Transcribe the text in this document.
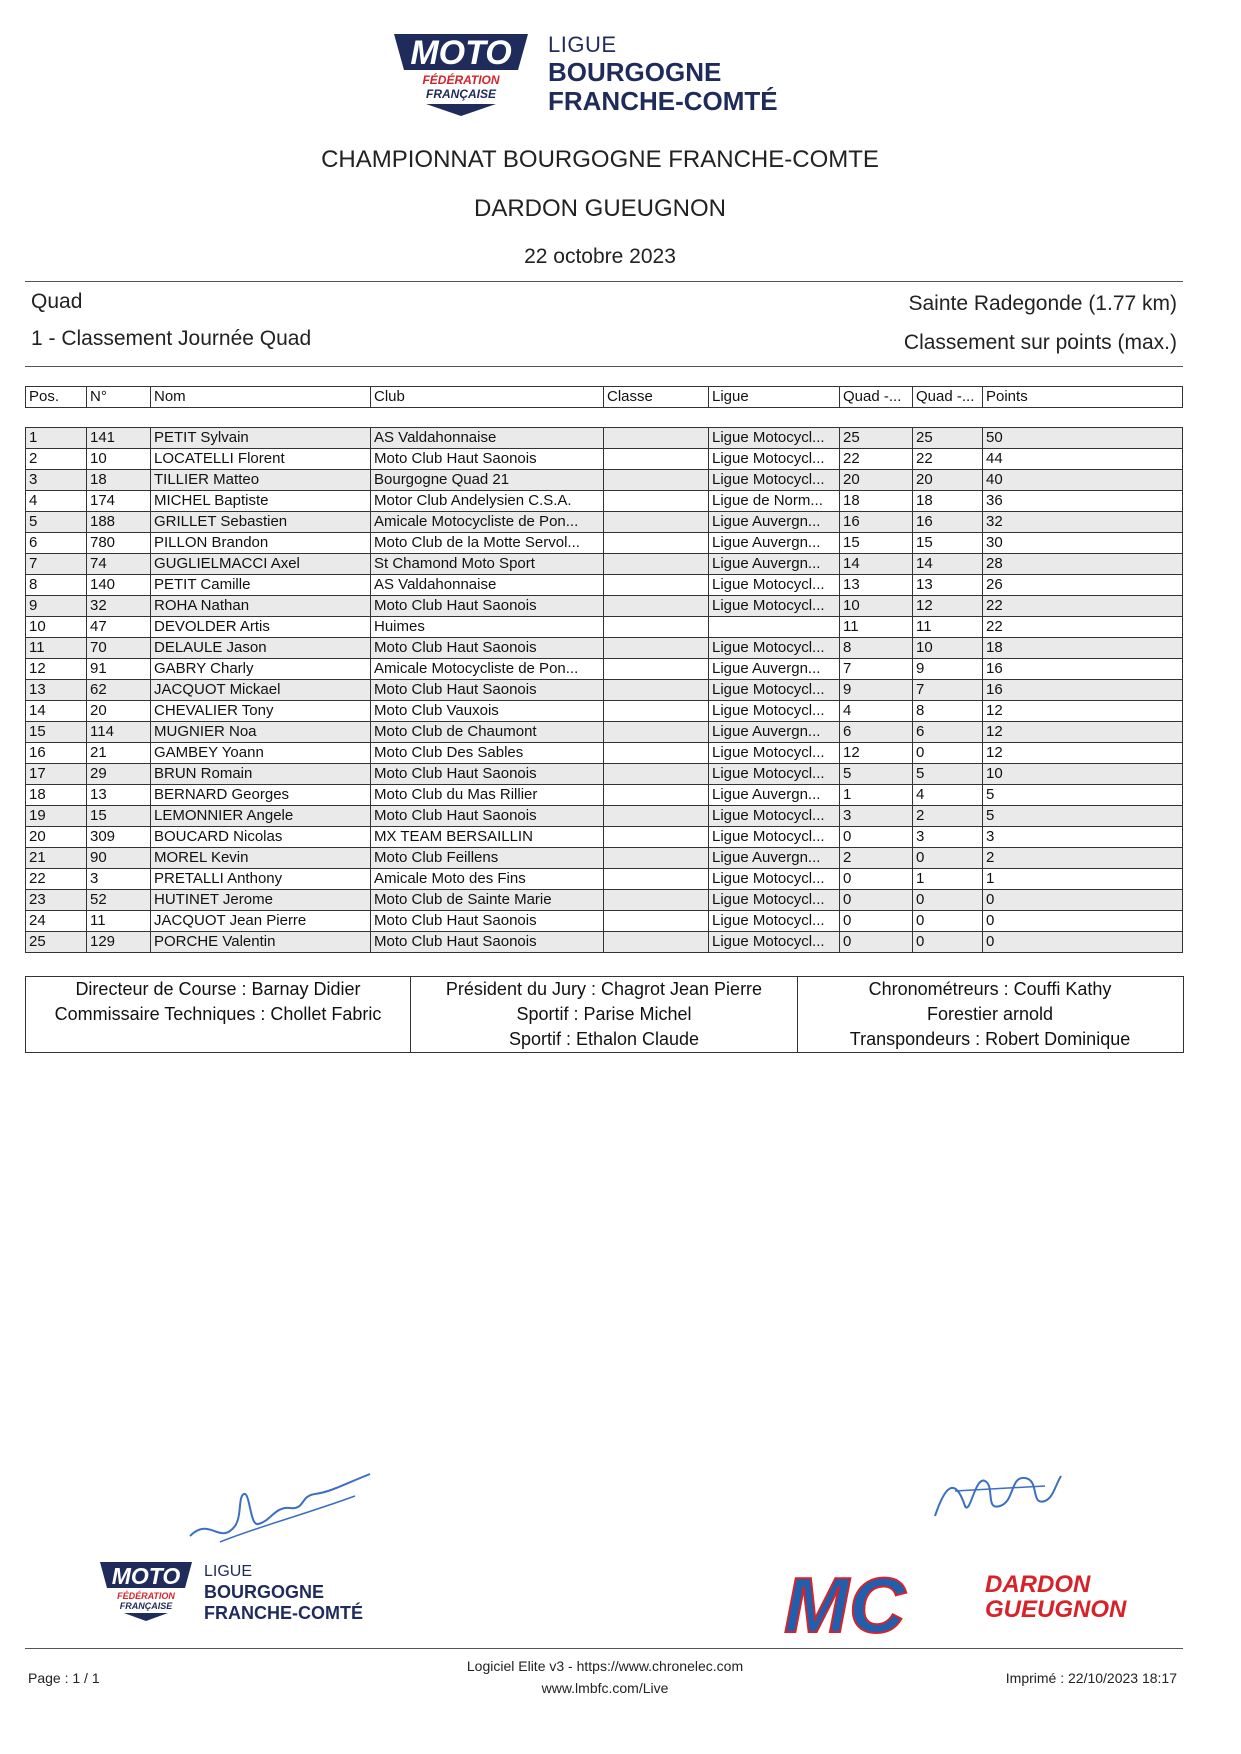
MOTO
FÉDÉRATION
FRANÇAISE
LIGUE
BOURGOGNE
FRANCHE-COMTÉ
CHAMPIONNAT BOURGOGNE FRANCHE-COMTE
DARDON GUEUGNON
22 octobre 2023
Quad
1 - Classement Journée Quad
Sainte Radegonde (1.77 km)
Classement sur points (max.)
Pos.	N°	Nom	Club	Classe	Ligue	Quad -...	Quad -...	Points
1	141	PETIT Sylvain	AS Valdahonnaise		Ligue Motocycl...	25	25	50
2	10	LOCATELLI Florent	Moto Club Haut Saonois		Ligue Motocycl...	22	22	44
3	18	TILLIER Matteo	Bourgogne Quad 21		Ligue Motocycl...	20	20	40
4	174	MICHEL Baptiste	Motor Club Andelysien C.S.A.		Ligue de Norm...	18	18	36
5	188	GRILLET Sebastien	Amicale Motocycliste de Pon...		Ligue Auvergn...	16	16	32
6	780	PILLON Brandon	Moto Club de la Motte Servol...		Ligue Auvergn...	15	15	30
7	74	GUGLIELMACCI Axel	St Chamond Moto Sport		Ligue Auvergn...	14	14	28
8	140	PETIT Camille	AS Valdahonnaise		Ligue Motocycl...	13	13	26
9	32	ROHA Nathan	Moto Club Haut Saonois		Ligue Motocycl...	10	12	22
10	47	DEVOLDER Artis	Huimes			11	11	22
11	70	DELAULE Jason	Moto Club Haut Saonois		Ligue Motocycl...	8	10	18
12	91	GABRY Charly	Amicale Motocycliste de Pon...		Ligue Auvergn...	7	9	16
13	62	JACQUOT Mickael	Moto Club Haut Saonois		Ligue Motocycl...	9	7	16
14	20	CHEVALIER Tony	Moto Club Vauxois		Ligue Motocycl...	4	8	12
15	114	MUGNIER Noa	Moto Club de Chaumont		Ligue Auvergn...	6	6	12
16	21	GAMBEY Yoann	Moto Club Des Sables		Ligue Motocycl...	12	0	12
17	29	BRUN Romain	Moto Club Haut Saonois		Ligue Motocycl...	5	5	10
18	13	BERNARD Georges	Moto Club du Mas Rillier		Ligue Auvergn...	1	4	5
19	15	LEMONNIER Angele	Moto Club Haut Saonois		Ligue Motocycl...	3	2	5
20	309	BOUCARD Nicolas	MX TEAM BERSAILLIN		Ligue Motocycl...	0	3	3
21	90	MOREL Kevin	Moto Club Feillens		Ligue Auvergn...	2	0	2
22	3	PRETALLI Anthony	Amicale Moto des Fins		Ligue Motocycl...	0	1	1
23	52	HUTINET Jerome	Moto Club de Sainte Marie		Ligue Motocycl...	0	0	0
24	11	JACQUOT Jean Pierre	Moto Club Haut Saonois		Ligue Motocycl...	0	0	0
25	129	PORCHE Valentin	Moto Club Haut Saonois		Ligue Motocycl...	0	0	0
Directeur de Course : Barnay Didier
Commissaire Techniques : Chollet Fabric
Président du Jury : Chagrot Jean Pierre
Sportif : Parise Michel
Sportif : Ethalon Claude
Chronométreurs : Couffi Kathy
Forestier arnold
Transpondeurs : Robert Dominique
MOTO
FÉDÉRATION
FRANÇAISE
LIGUE
BOURGOGNE
FRANCHE-COMTÉ	MC	DARDON
GUEUGNON
Page : 1 / 1
Logiciel Elite v3 - https://www.chronelec.com
www.lmbfc.com/Live
Imprimé : 22/10/2023 18:17
